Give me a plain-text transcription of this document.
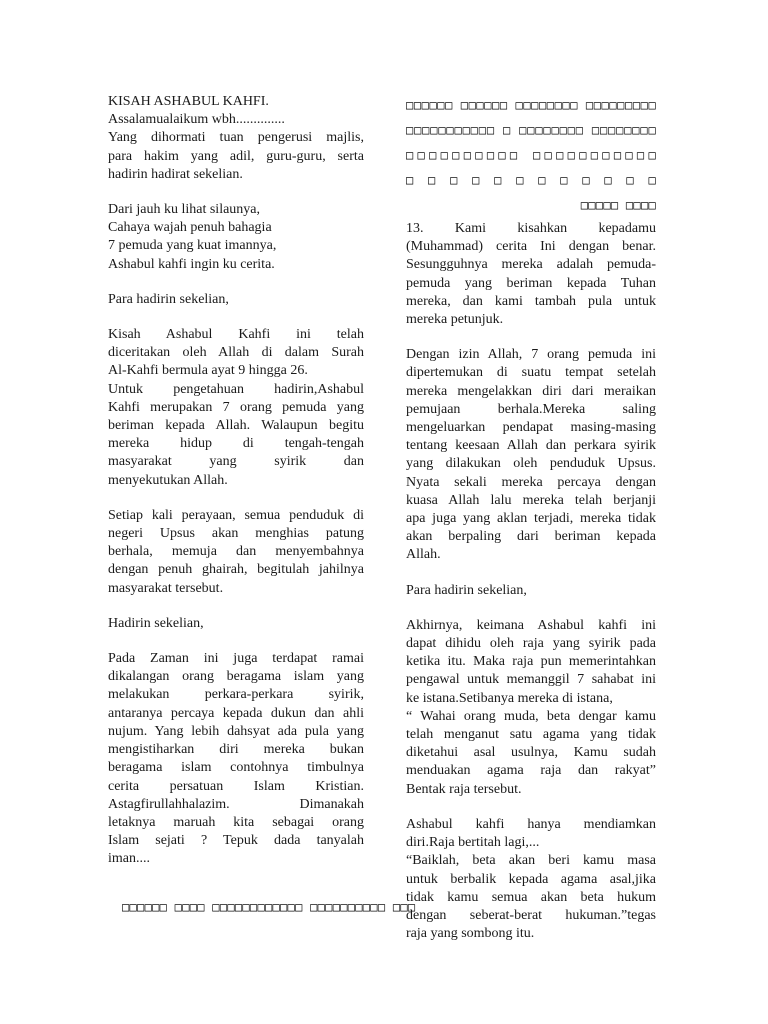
KISAH ASHABUL KAHFI.
Assalamualaikum wbh..............
Yang dihormati tuan pengerusi majlis,
para hakim yang adil, guru-guru, serta
hadirin hadirat sekelian.
Dari jauh ku lihat silaunya,
Cahaya wajah penuh bahagia
7 pemuda yang kuat imannya,
Ashabul kahfi ingin ku cerita.
Para hadirin sekelian,
Kisah Ashabul Kahfi ini telah
diceritakan oleh Allah di dalam Surah
Al-Kahfi bermula ayat 9 hingga 26.
Untuk pengetahuan hadirin,Ashabul
Kahfi merupakan 7 orang pemuda yang
beriman kepada Allah. Walaupun begitu
mereka hidup di tengah-tengah
masyarakat yang syirik dan
menyekutukan Allah.
Setiap kali perayaan, semua penduduk di
negeri Upsus akan menghias patung
berhala, memuja dan menyembahnya
dengan penuh ghairah, begitulah jahilnya
masyarakat tersebut.
Hadirin sekelian,
Pada Zaman ini juga terdapat ramai
dikalangan orang beragama islam yang
melakukan perkara-perkara syirik,
antaranya percaya kepada dukun dan ahli
nujum. Yang lebih dahsyat ada pula yang
mengistiharkan diri mereka bukan
beragama islam contohnya timbulnya
cerita persatuan Islam Kristian.
Astagfirullahhalazim. Dimanakah
letaknya maruah kita sebagai orang
Islam sejati ? Tepuk dada tanyalah
iman....
□□□□□□ □□□□ □□□□□□□□□□□□ □□□□□□□□□□ □□□
□□□□□□ □□□□□□ □□□□□□□□ □□□□□□□□□
□□□□□□□□□□□ □ □□□□□□□□ □□□□□□□□
□□□□□□□□□□ □□□□□□□□□□□ □□□□□□□□□□□□
□□□□□ □□□□
13. Kami kisahkan kepadamu
(Muhammad) cerita Ini dengan benar.
Sesungguhnya mereka adalah pemuda-
pemuda yang beriman kepada Tuhan
mereka, dan kami tambah pula untuk
mereka petunjuk.
Dengan izin Allah, 7 orang pemuda ini
dipertemukan di suatu tempat setelah
mereka mengelakkan diri dari meraikan
pemujaan berhala.Mereka saling
mengeluarkan pendapat masing-masing
tentang keesaan Allah dan perkara syirik
yang dilakukan oleh penduduk Upsus.
Nyata sekali mereka percaya dengan
kuasa Allah lalu mereka telah berjanji
apa juga yang aklan terjadi, mereka tidak
akan berpaling dari beriman kepada
Allah.
Para hadirin sekelian,
Akhirnya, keimana Ashabul kahfi ini
dapat dihidu oleh raja yang syirik pada
ketika itu. Maka raja pun memerintahkan
pengawal untuk memanggil 7 sahabat ini
ke istana.Setibanya mereka di istana,
“ Wahai orang muda, beta dengar kamu
telah menganut satu agama yang tidak
diketahui asal usulnya, Kamu sudah
menduakan agama raja dan rakyat”
Bentak raja tersebut.
Ashabul kahfi hanya mendiamkan
diri.Raja bertitah lagi,...
“Baiklah, beta akan beri kamu masa
untuk berbalik kepada agama asal,jika
tidak kamu semua akan beta hukum
dengan seberat-berat hukuman.”tegas
raja yang sombong itu.
